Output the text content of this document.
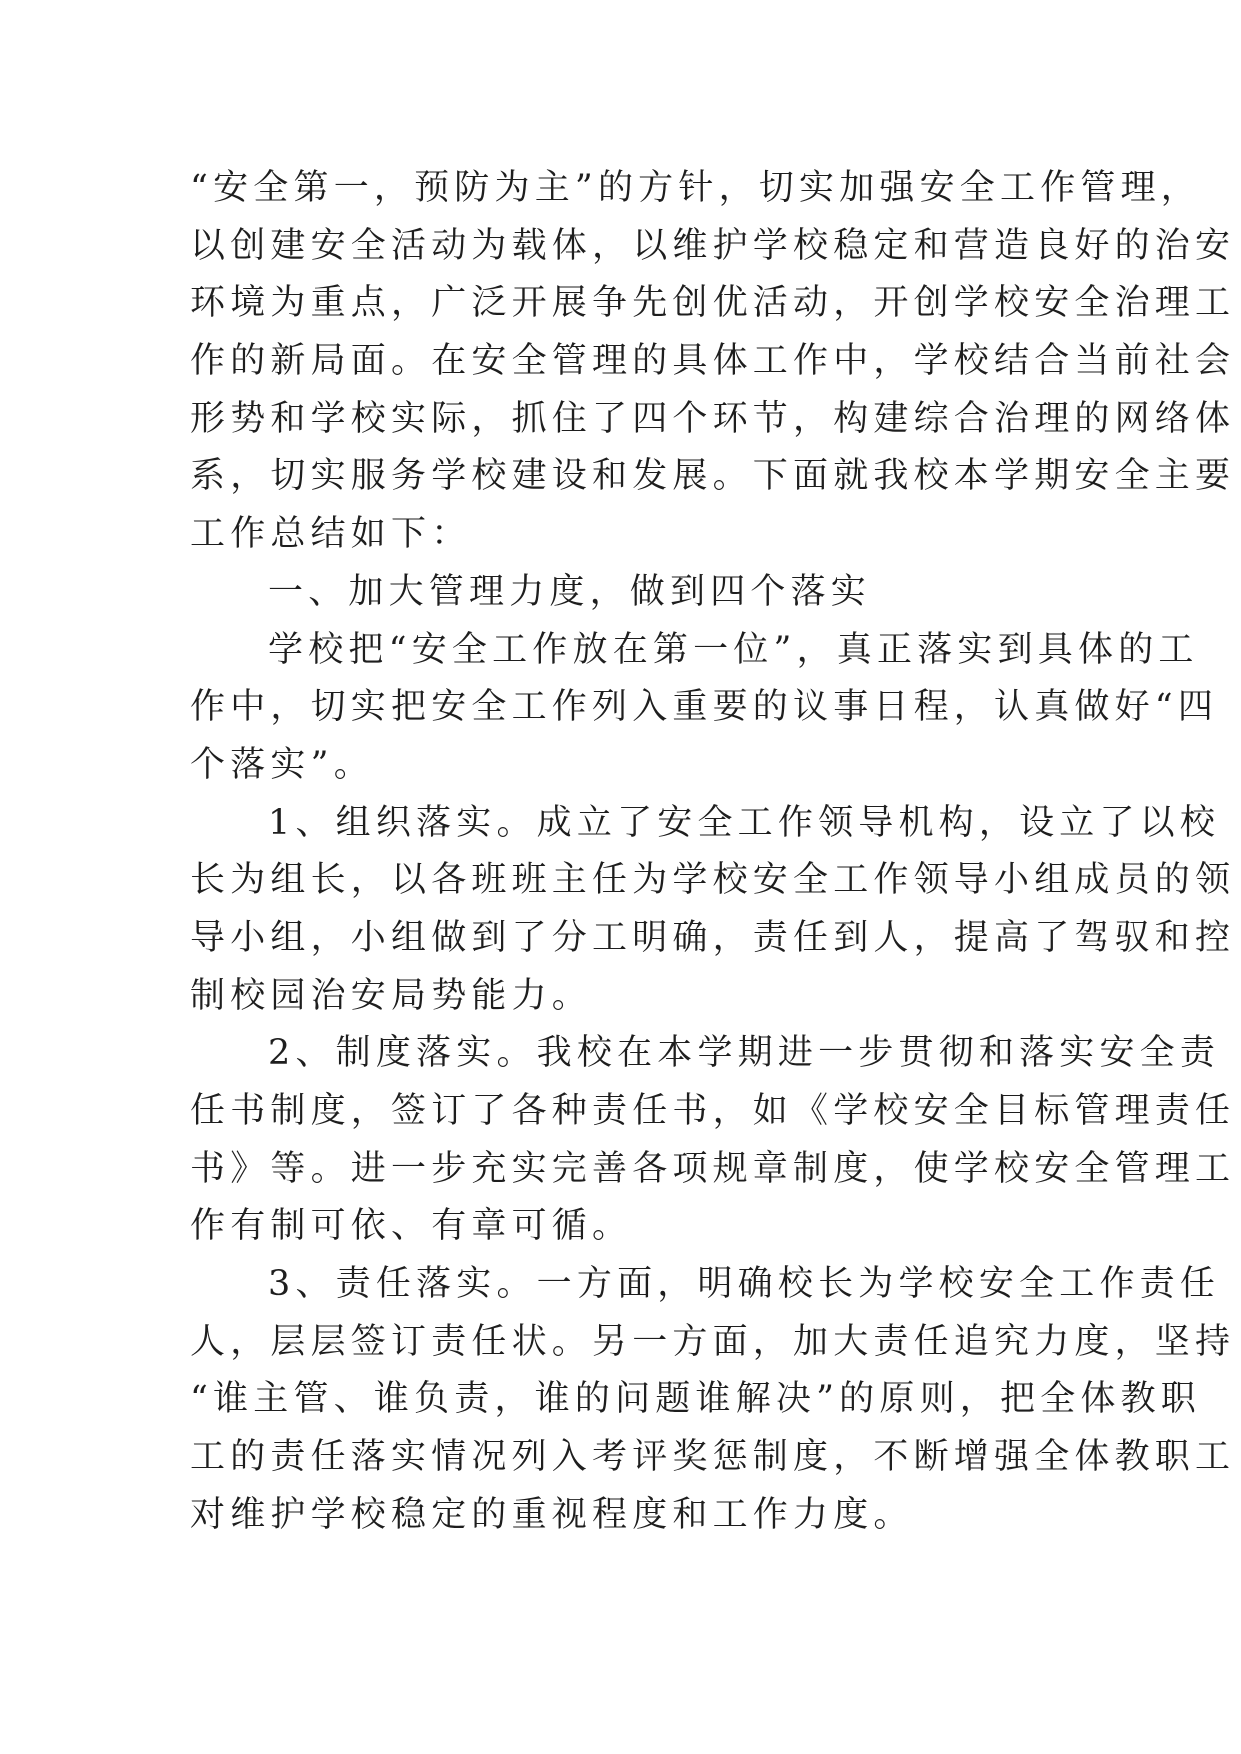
“安全第一，预防为主”的方针，切实加强安全工作管理，
以创建安全活动为载体，以维护学校稳定和营造良好的治安
环境为重点，广泛开展争先创优活动，开创学校安全治理工
作的新局面。在安全管理的具体工作中，学校结合当前社会
形势和学校实际，抓住了四个环节，构建综合治理的网络体
系，切实服务学校建设和发展。下面就我校本学期安全主要
工作总结如下：
一、加大管理力度，做到四个落实
学校把“安全工作放在第一位”，真正落实到具体的工
作中，切实把安全工作列入重要的议事日程，认真做好“四
个落实”。
1、组织落实。成立了安全工作领导机构，设立了以校
长为组长，以各班班主任为学校安全工作领导小组成员的领
导小组，小组做到了分工明确，责任到人，提高了驾驭和控
制校园治安局势能力。
2、制度落实。我校在本学期进一步贯彻和落实安全责
任书制度，签订了各种责任书，如《学校安全目标管理责任
书》等。进一步充实完善各项规章制度，使学校安全管理工
作有制可依、有章可循。
3、责任落实。一方面，明确校长为学校安全工作责任
人，层层签订责任状。另一方面，加大责任追究力度，坚持
“谁主管、谁负责，谁的问题谁解决”的原则，把全体教职
工的责任落实情况列入考评奖惩制度，不断增强全体教职工
对维护学校稳定的重视程度和工作力度。
